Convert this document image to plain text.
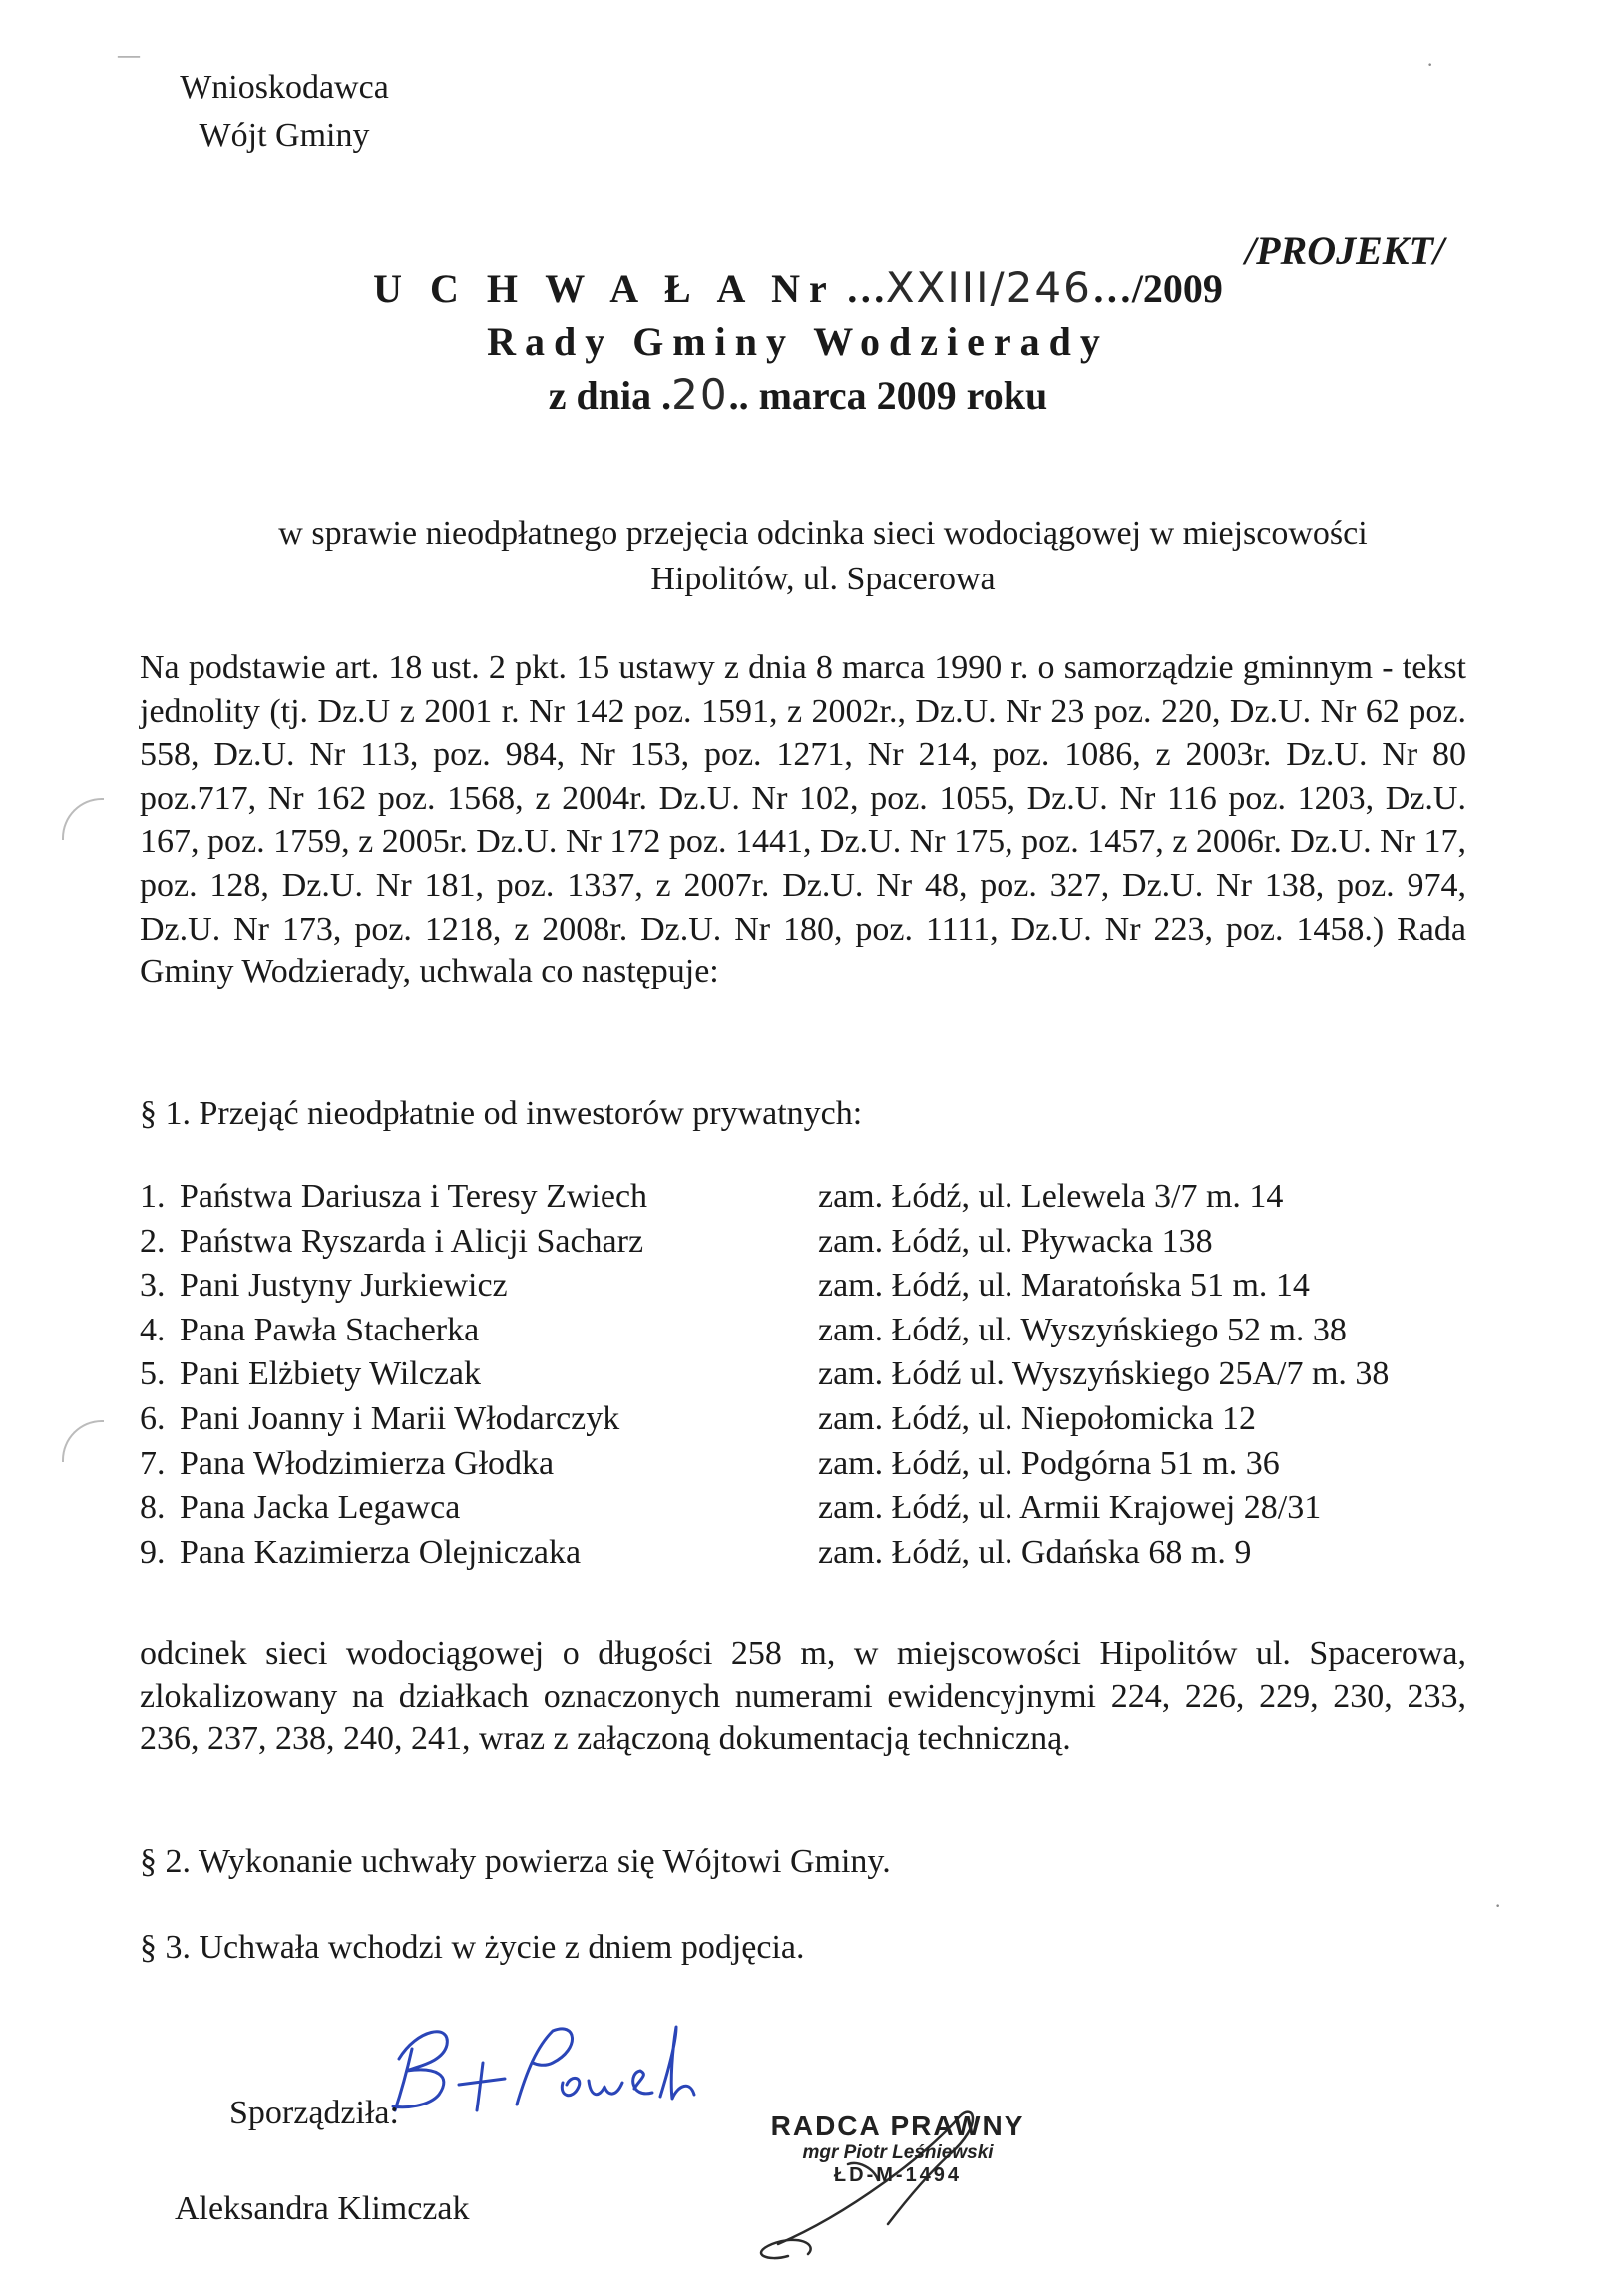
Wnioskodawca
Wójt Gminy
—
/PROJEKT/
U C H W A Ł A Nr …XXIII/246…/2009
Rady Gminy Wodzierady
z dnia .20.. marca 2009 roku
w sprawie nieodpłatnego przejęcia odcinka sieci wodociągowej w miejscowości
Hipolitów, ul. Spacerowa
Na podstawie art. 18 ust. 2 pkt. 15 ustawy z dnia 8 marca 1990 r. o samorządzie gminnym - tekst jednolity (tj. Dz.U z 2001 r. Nr 142 poz. 1591, z 2002r., Dz.U. Nr 23 poz. 220, Dz.U. Nr 62 poz. 558, Dz.U. Nr 113, poz. 984, Nr 153, poz. 1271, Nr 214, poz. 1086, z 2003r. Dz.U. Nr 80 poz.717, Nr 162 poz. 1568, z 2004r. Dz.U. Nr 102, poz. 1055, Dz.U. Nr 116 poz. 1203, Dz.U. 167, poz. 1759, z 2005r. Dz.U. Nr 172 poz. 1441, Dz.U. Nr 175, poz. 1457, z 2006r. Dz.U. Nr 17, poz. 128, Dz.U. Nr 181, poz. 1337, z 2007r. Dz.U. Nr 48, poz. 327, Dz.U. Nr 138, poz. 974, Dz.U. Nr 173, poz. 1218, z 2008r. Dz.U. Nr 180, poz. 1111, Dz.U. Nr 223, poz. 1458.) Rada Gminy Wodzierady, uchwala co następuje:
§ 1. Przejąć nieodpłatnie od inwestorów prywatnych:
1. Państwa Dariusza i Teresy Zwiech	zam. Łódź, ul. Lelewela 3/7 m. 14
2. Państwa Ryszarda i Alicji Sacharz	zam. Łódź, ul. Pływacka 138
3. Pani Justyny Jurkiewicz	zam. Łódź, ul. Maratońska 51 m. 14
4. Pana Pawła Stacherka	zam. Łódź, ul. Wyszyńskiego 52 m. 38
5. Pani Elżbiety Wilczak	zam. Łódź ul. Wyszyńskiego 25A/7 m. 38
6. Pani Joanny i Marii Włodarczyk	zam. Łódź, ul. Niepołomicka 12
7. Pana Włodzimierza Głodka	zam. Łódź, ul. Podgórna 51 m. 36
8. Pana Jacka Legawca	zam. Łódź, ul. Armii Krajowej 28/31
9. Pana Kazimierza Olejniczaka	zam. Łódź, ul. Gdańska 68 m. 9
odcinek sieci wodociągowej o długości 258 m, w miejscowości Hipolitów ul. Spacerowa, zlokalizowany na działkach oznaczonych numerami ewidencyjnymi 224, 226, 229, 230, 233, 236, 237, 238, 240, 241, wraz z załączoną dokumentacją techniczną.
§ 2. Wykonanie uchwały powierza się Wójtowi Gminy.
§ 3. Uchwała wchodzi w życie z dniem podjęcia.
Sporządziła:
Aleksandra Klimczak
RADCA PRAWNY
mgr Piotr Leśniewski
ŁD-M-1494
·
·
